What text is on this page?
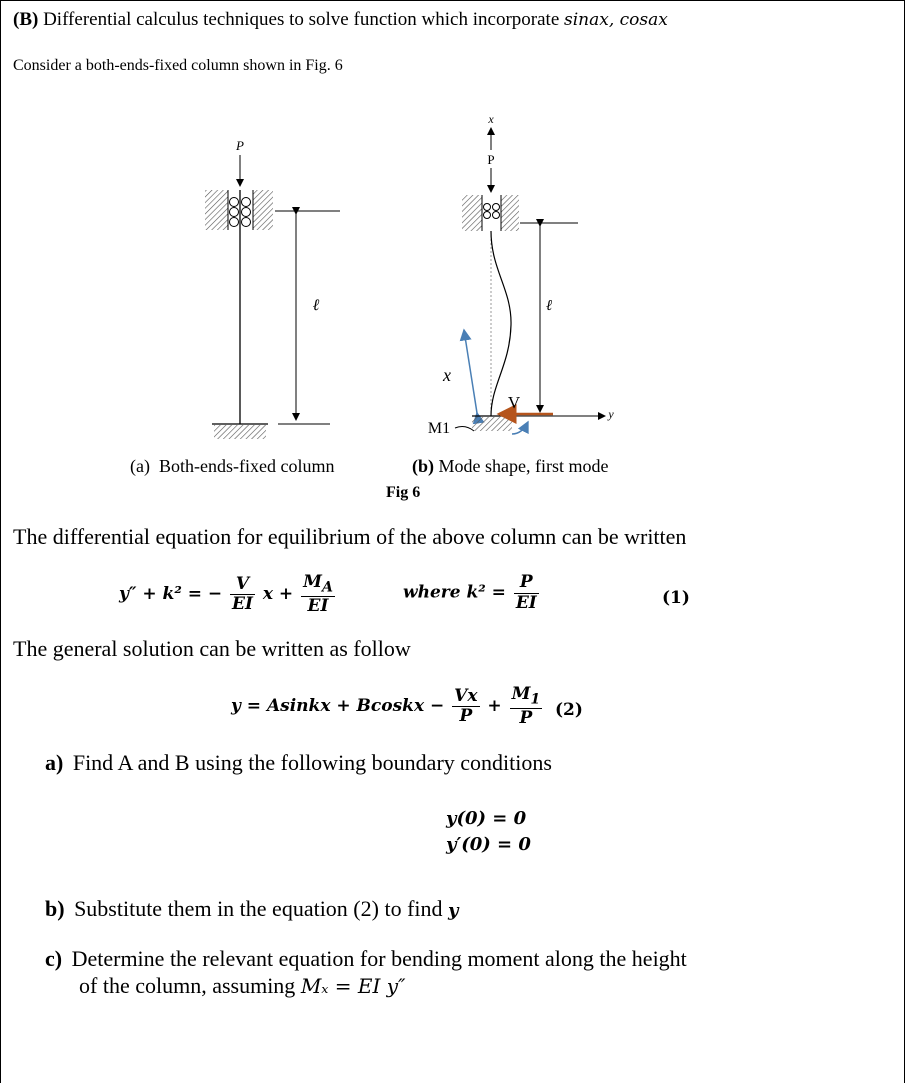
(B) Differential calculus techniques to solve function which incorporate sinax, cosax
Consider a both-ends-fixed column shown in Fig. 6
P
ℓ
x
P
ℓ
x
y
V
M1
(a) Both-ends-fixed column	(b) Mode shape, first mode
Fig 6
The differential equation for equilibrium of the above column can be written
y″ + k² = − $\frac{V}{EI}$ $x + \frac{M_A}{EI}$	where $k^2 = \frac{P}{EI}$	(1)
The general solution can be written as follow
y = Asinkx + Bcoskx − $\frac{Vx}{P} + \frac{M_1}{P} (2)$
a) Find A and B using the following boundary conditions
y(0) = 0
y′(0) = 0
b) Substitute them in the equation (2) to find y
c) Determine the relevant equation for bending moment along the height
of the column, assuming Mₓ = EI y″
